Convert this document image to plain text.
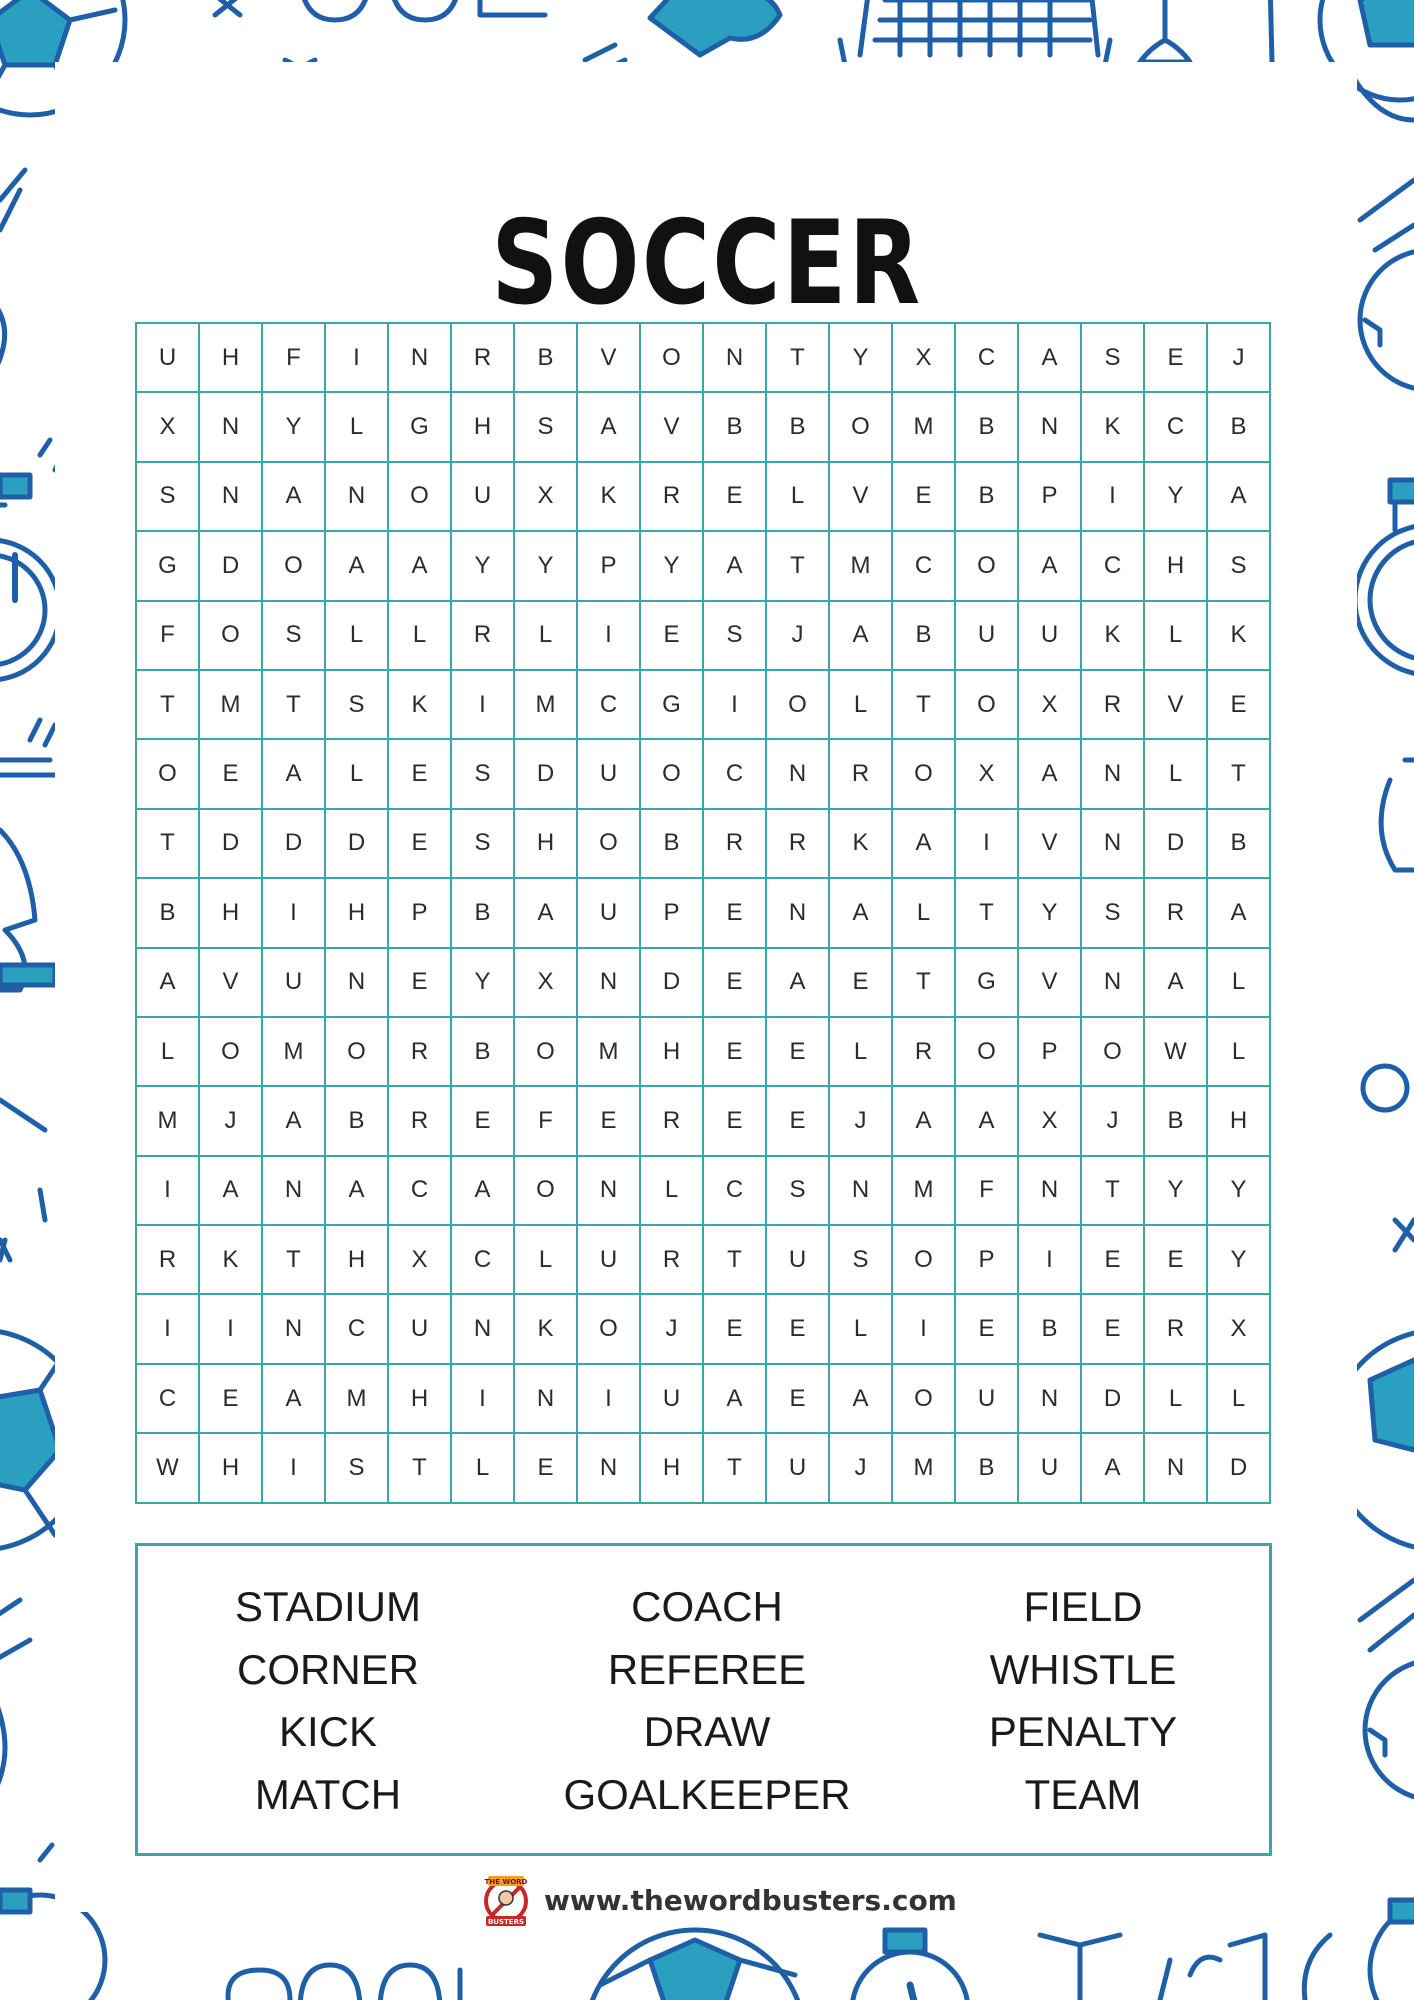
SOCCER
U	H	F	I	N	R	B	V	O	N	T	Y	X	C	A	S	E	J
X	N	Y	L	G	H	S	A	V	B	B	O	M	B	N	K	C	B
S	N	A	N	O	U	X	K	R	E	L	V	E	B	P	I	Y	A
G	D	O	A	A	Y	Y	P	Y	A	T	M	C	O	A	C	H	S
F	O	S	L	L	R	L	I	E	S	J	A	B	U	U	K	L	K
T	M	T	S	K	I	M	C	G	I	O	L	T	O	X	R	V	E
O	E	A	L	E	S	D	U	O	C	N	R	O	X	A	N	L	T
T	D	D	D	E	S	H	O	B	R	R	K	A	I	V	N	D	B
B	H	I	H	P	B	A	U	P	E	N	A	L	T	Y	S	R	A
A	V	U	N	E	Y	X	N	D	E	A	E	T	G	V	N	A	L
L	O	M	O	R	B	O	M	H	E	E	L	R	O	P	O	W	L
M	J	A	B	R	E	F	E	R	E	E	J	A	A	X	J	B	H
I	A	N	A	C	A	O	N	L	C	S	N	M	F	N	T	Y	Y
R	K	T	H	X	C	L	U	R	T	U	S	O	P	I	E	E	Y
I	I	N	C	U	N	K	O	J	E	E	L	I	E	B	E	R	X
C	E	A	M	H	I	N	I	U	A	E	A	O	U	N	D	L	L
W	H	I	S	T	L	E	N	H	T	U	J	M	B	U	A	N	D
STADIUM
CORNER
KICK
MATCH
COACH
REFEREE
DRAW
GOALKEEPER
FIELD
WHISTLE
PENALTY
TEAM
THE WORD
BUSTERS
www.thewordbusters.com
